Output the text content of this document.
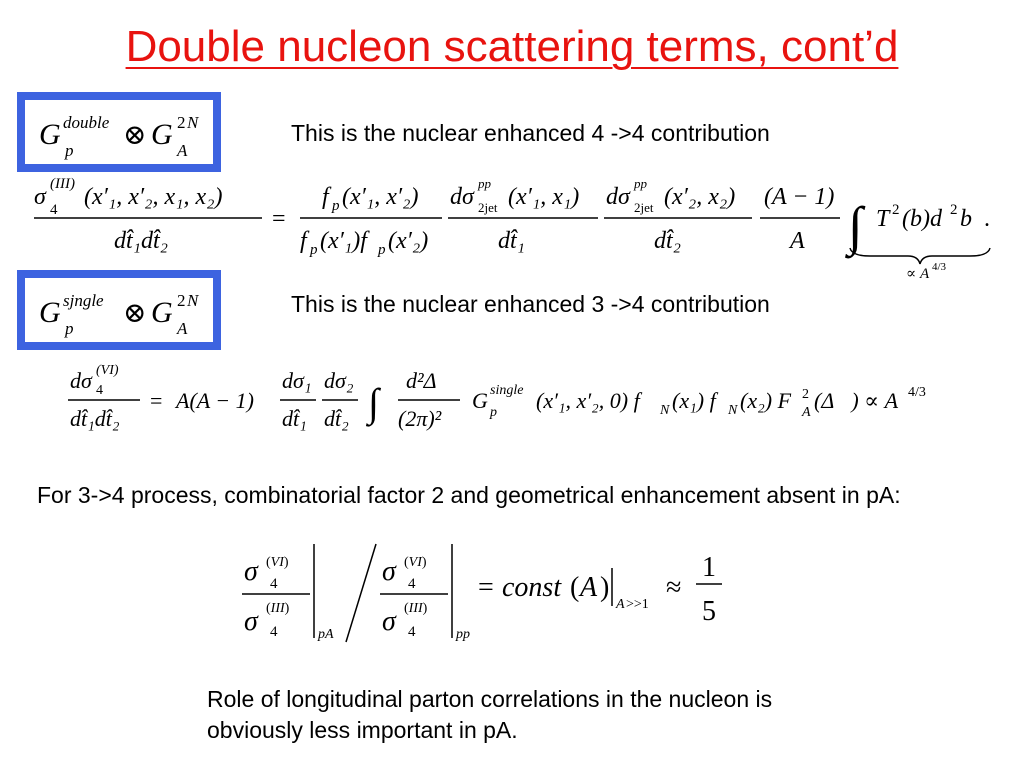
Double nucleon scattering terms, cont’d
G double
p ⊗ G 2 N
A
This is the nuclear enhanced 4 ->4 contribution
σ 4
(III) (x′₁, x′₂, x₁, x₂)
dt̂₁dt̂₂
=
f p (x′₁, x′₂)
f p (x′₁)f p (x′₂)
dσ
pp
2jet (x′₁, x₁)
dt̂₁
dσ
pp
2jet (x′₂, x₂)
dt̂₂
(A − 1)
A ∫ T 2 (b)d 2 b .
∝ A 4/3
G sjngle
p ⊗ G 2 N
A
This is the nuclear enhanced 3 ->4 contribution
dσ 4
(VI)
dt̂₁dt̂₂
= A(A − 1)
dσ₁
dt̂₁
dσ₂
dt̂₂ ∫ d²Δ⃗
(2π)²
G single
p (x′₁, x′₂, 0) f N (x₁) f N (x₂) F 2
A (Δ⃗) ∝ A 4/3
For 3->4 process, combinatorial factor 2 and geometrical enhancement absent in pA:
σ (VI)
4
σ (III)
4	pA
σ (VI)
4
σ (III)
4	pp
= const ( A )
A >>1
≈
1
5
Role of longitudinal parton correlations in the nucleon is obviously less important in pA.
